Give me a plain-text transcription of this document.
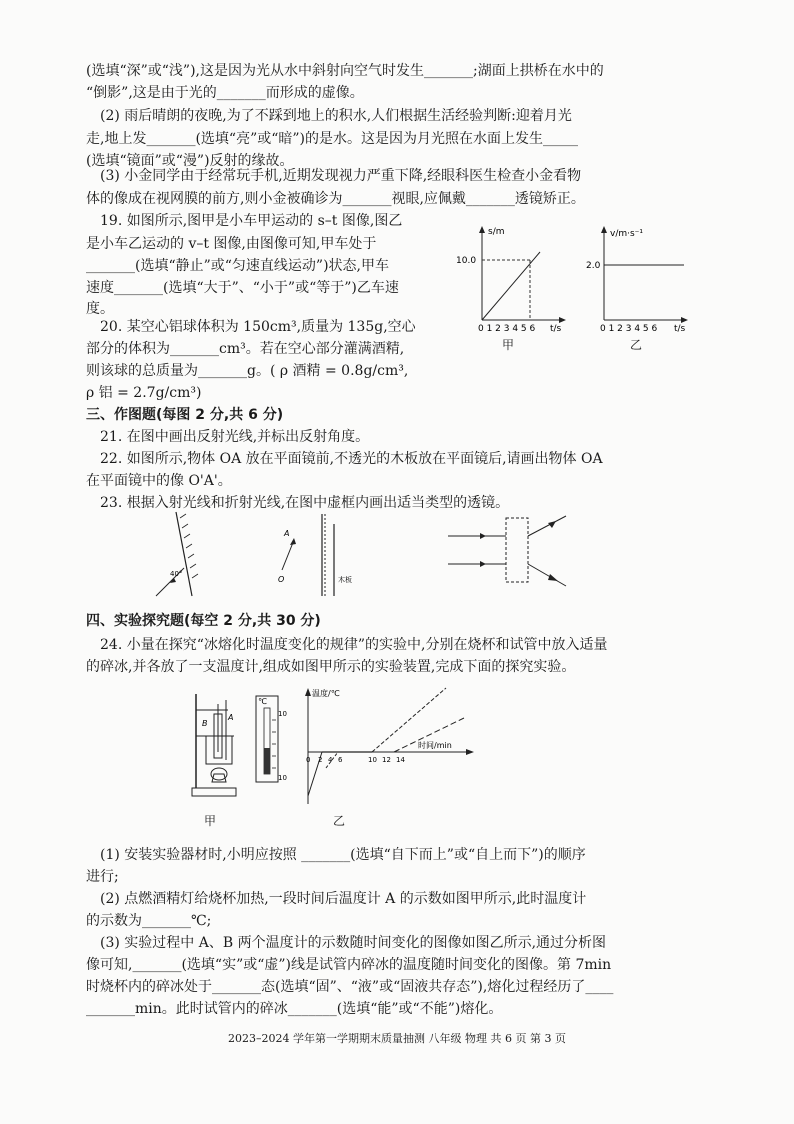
(选填“深”或“浅”),这是因为光从水中斜射向空气时发生_______;湖面上拱桥在水中的
“倒影”,这是由于光的_______而形成的虚像。
(2) 雨后晴朗的夜晚,为了不踩到地上的积水,人们根据生活经验判断:迎着月光
走,地上发_______(选填“亮”或“暗”)的是水。这是因为月光照在水面上发生_____
(选填“镜面”或“漫”)反射的缘故。
(3) 小金同学由于经常玩手机,近期发现视力严重下降,经眼科医生检查小金看物
体的像成在视网膜的前方,则小金被确诊为_______视眼,应佩戴_______透镜矫正。
19. 如图所示,图甲是小车甲运动的 s–t 图像,图乙
是小车乙运动的 v–t 图像,由图像可知,甲车处于
_______(选填“静止”或“匀速直线运动”)状态,甲车
速度_______(选填“大于”、“小于”或“等于”)乙车速
度。
20. 某空心铝球体积为 150cm³,质量为 135g,空心
部分的体积为_______cm³。若在空心部分灌满酒精,
则该球的总质量为_______g。( ρ 酒精 = 0.8g/cm³,
ρ 铝 = 2.7g/cm³)
三、作图题(每图 2 分,共 6 分)
21. 在图中画出反射光线,并标出反射角度。
22. 如图所示,物体 OA 放在平面镜前,不透光的木板放在平面镜后,请画出物体 OA
在平面镜中的像 O'A'。
23. 根据入射光线和折射光线,在图中虚框内画出适当类型的透镜。
四、实验探究题(每空 2 分,共 30 分)
24. 小量在探究“冰熔化时温度变化的规律”的实验中,分别在烧杯和试管中放入适量
的碎冰,并各放了一支温度计,组成如图甲所示的实验装置,完成下面的探究实验。
(1) 安装实验器材时,小明应按照 _______(选填“自下而上”或“自上而下”)的顺序
进行;
(2) 点燃酒精灯给烧杯加热,一段时间后温度计 A 的示数如图甲所示,此时温度计
的示数为_______℃;
(3) 实验过程中 A、B 两个温度计的示数随时间变化的图像如图乙所示,通过分析图
像可知,_______(选填“实”或“虚”)线是试管内碎冰的温度随时间变化的图像。第 7min
时烧杯内的碎冰处于_______态(选填“固”、“液”或“固液共存态”),熔化过程经历了____
_______min。此时试管内的碎冰_______(选填“能”或“不能”)熔化。
s/m
10.0
0 1 2 3 4 5 6 t/s
甲
v/m·s⁻¹
2.0
0 1 2 3 4 5 6 t/s
乙
40°
A
O	木板
B
A
℃
10
10
甲
温度/℃
时间/min
0 2 4 6	10 12 14
乙
2023–2024 学年第一学期期末质量抽测 八年级 物理 共 6 页 第 3 页
